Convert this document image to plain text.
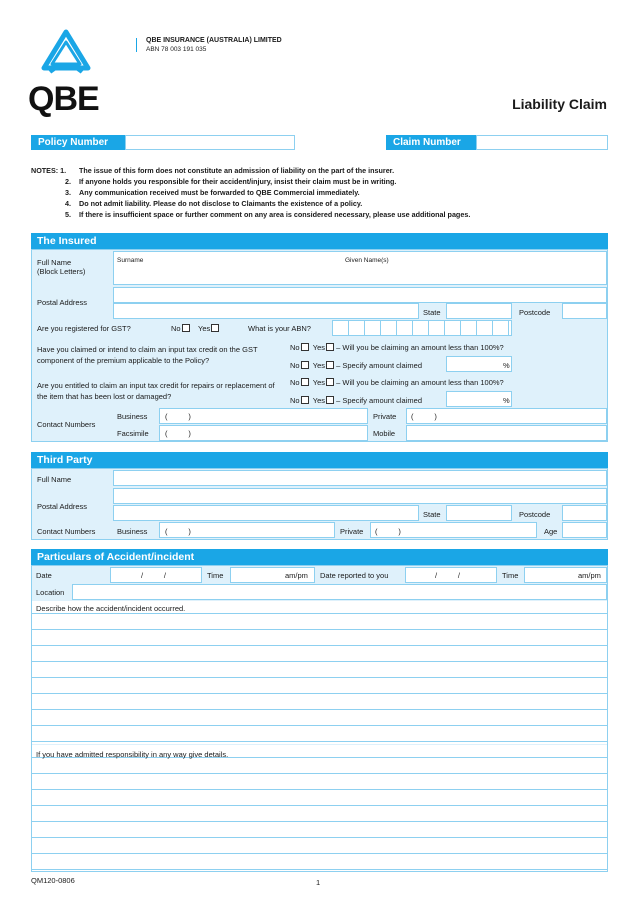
QBE
QBE INSURANCE (AUSTRALIA) LIMITED
ABN 78 003 191 035
Liability Claim
Policy Number	Claim Number
NOTES: 1. The issue of this form does not constitute an admission of liability on the part of the insurer.
2. If anyone holds you responsible for their accident/injury, insist their claim must be in writing.
3. Any communication received must be forwarded to QBE Commercial immediately.
4. Do not admit liability. Please do not disclose to Claimants the existence of a policy.
5. If there is insufficient space or further comment on any area is considered necessary, please use additional pages.
The Insured
Full Name
(Block Letters)
Surname	Given Name(s)
Postal Address
State	Postcode
Are you registered for GST?	No	Yes	What is your ABN?
Have you claimed or intend to claim an input tax credit on the GST component of the premium applicable to the Policy?
No Yes – Will you be claiming an amount less than 100%?
No Yes – Specify amount claimed	%
Are you entitled to claim an input tax credit for repairs or replacement of the item that has been lost or damaged?
No Yes – Will you be claiming an amount less than 100%?
No Yes – Specify amount claimed	%
Contact Numbers
Business (          )	Private (          )
Facsimile (          )	Mobile
Third Party
Full Name
Postal Address
State	Postcode
Contact Numbers	Business (          )	Private (          )	Age
Particulars of Accident/incident
Date	/          /	Time	am/pm Date reported to you	/          /	Time	am/pm
Location
Describe how the accident/incident occurred.
If you have admitted responsibility in any way give details.
QM120-0806	1
